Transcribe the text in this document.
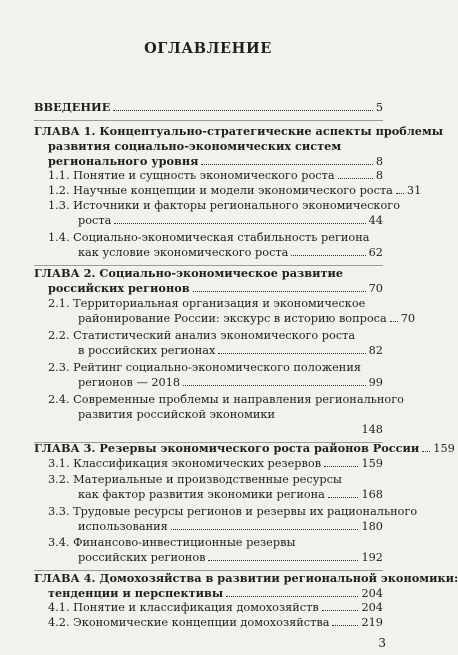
ОГЛАВЛЕНИЕ
ВВЕДЕНИЕ	5
ГЛАВА 1. Концептуально-стратегические аспекты проблемы
развития социально-экономических систем
регионального уровня	8
1.1. Понятие и сущность экономического роста	8
1.2. Научные концепции и модели экономического роста 31
1.3. Источники и факторы регионального экономического
роста	44
1.4. Социально-экономическая стабильность региона
как условие экономического роста	62
ГЛАВА 2. Социально-экономическое развитие
российских регионов	70
2.1. Территориальная организация и экономическое
районирование России: экскурс в историю вопроса 70
2.2. Статистический анализ экономического роста
в российских регионах	82
2.3. Рейтинг социально-экономического положения
регионов — 2018	99
2.4. Современные проблемы и направления регионального
развития российской экономики
148
ГЛАВА 3. Резервы экономического роста районов России 159
3.1. Классификация экономических резервов	159
3.2. Материальные и производственные ресурсы
как фактор развития экономики региона	168
3.3. Трудовые ресурсы регионов и резервы их рационального
использования	180
3.4. Финансово-инвестиционные резервы
российских регионов	192
ГЛАВА 4. Домохозяйства в развитии региональной экономики:
тенденции и перспективы	204
4.1. Понятие и классификация домохозяйств	204
4.2. Экономические концепции домохозяйства	219
3
